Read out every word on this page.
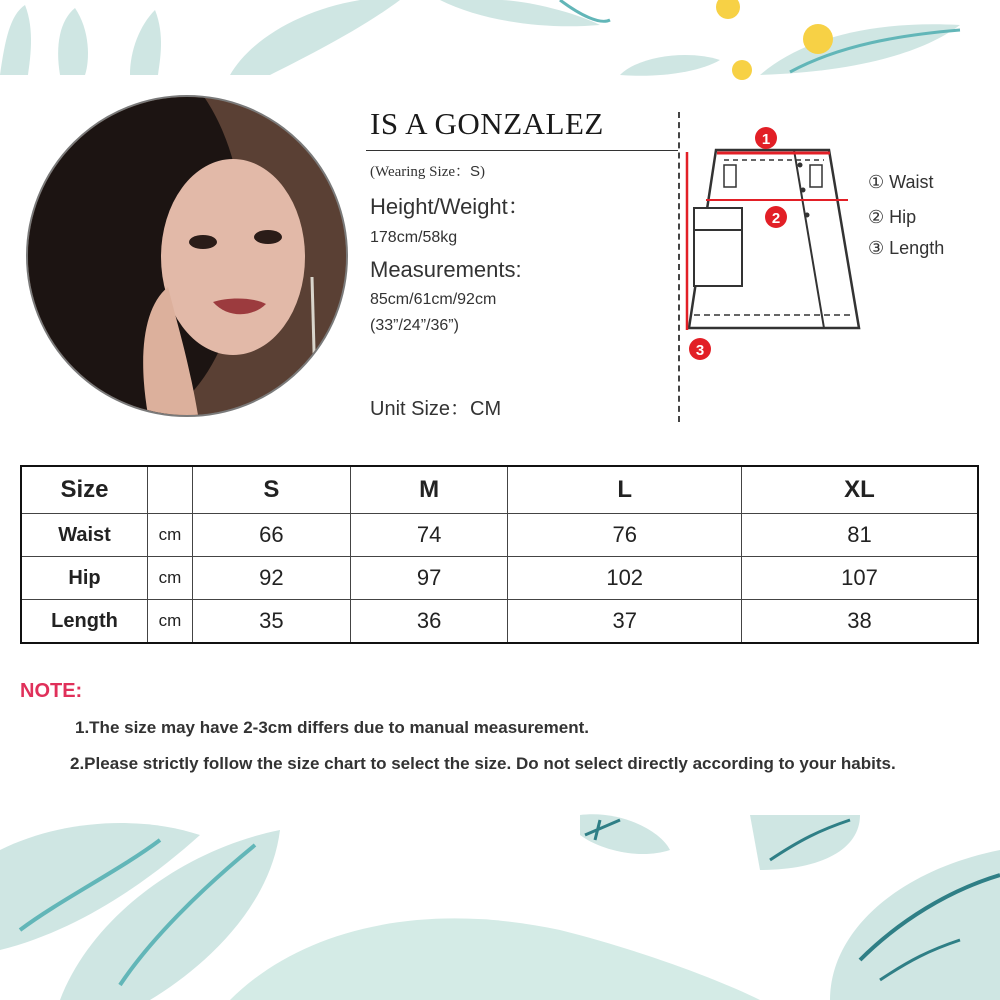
IS A GONZALEZ
(Wearing Size：S)
Height/Weight：
178cm/58kg
Measurements:
85cm/61cm/92cm
(33”/24”/36”)
Unit Size：CM
1
2
3
① Waist
② Hip
③ Length
Size		S	M	L	XL
Waist	cm	66	74	76	81
Hip	cm	92	97	102	107
Length	cm	35	36	37	38
NOTE:
1.The size may have 2-3cm differs due to manual measurement.
2.Please strictly follow the size chart to select the size. Do not select directly according to your habits.
